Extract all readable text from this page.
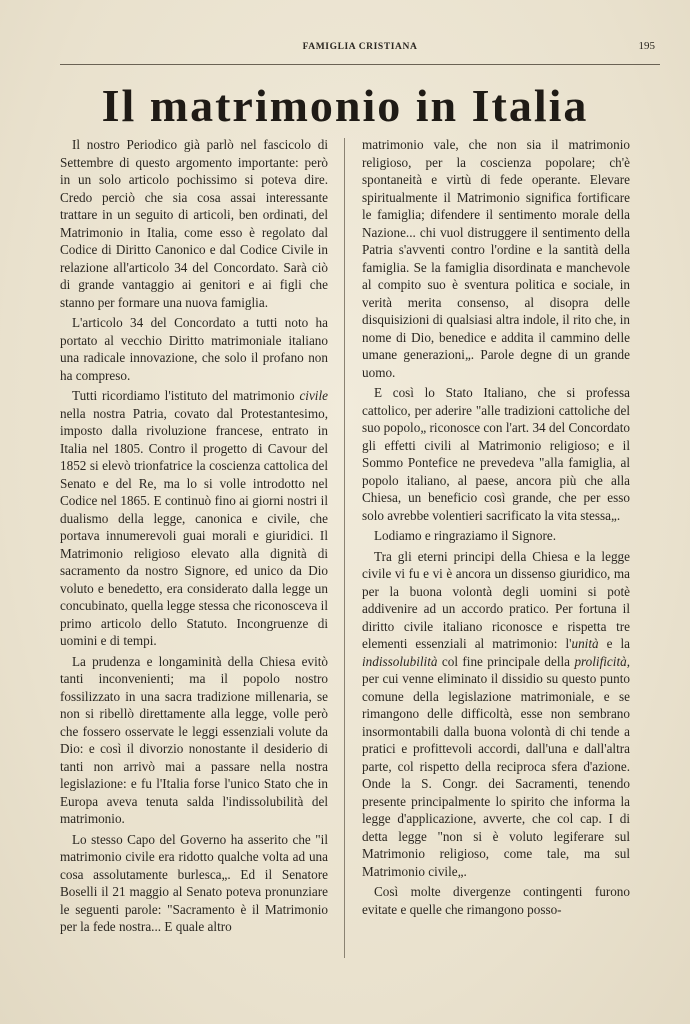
FAMIGLIA CRISTIANA	195
Il matrimonio in Italia

Il nostro Periodico già parlò nel fascicolo di Settembre di questo argomento importante: però in un solo articolo pochissimo si poteva dire. Credo perciò che sia cosa assai interessante trattare in un seguito di articoli, ben ordinati, del Matrimonio in Italia, come esso è regolato dal Codice di Diritto Canonico e dal Codice Civile in relazione all'articolo 34 del Concordato. Sarà ciò di grande vantaggio ai genitori e ai figli che stanno per formare una nuova famiglia.

L'articolo 34 del Concordato a tutti noto ha portato al vecchio Diritto matrimoniale italiano una radicale innovazione, che solo il profano non ha compreso.

Tutti ricordiamo l'istituto del matrimonio civile nella nostra Patria, covato dal Protestantesimo, imposto dalla rivoluzione francese, entrato in Italia nel 1805. Contro il progetto di Cavour del 1852 si elevò trionfatrice la coscienza cattolica del Senato e del Re, ma lo si volle introdotto nel Codice nel 1865. E continuò fino ai giorni nostri il dualismo della legge, canonica e civile, che portava innumerevoli guai morali e giuridici. Il Matrimonio religioso elevato alla dignità di sacramento da nostro Signore, ed unico da Dio voluto e benedetto, era considerato dalla legge un concubinato, quella legge stessa che riconosceva il primo articolo dello Statuto. Incongruenze di uomini e di tempi.

La prudenza e longaminità della Chiesa evitò tanti inconvenienti; ma il popolo nostro fossilizzato in una sacra tradizione millenaria, se non si ribellò direttamente alla legge, volle però che fossero osservate le leggi essenziali volute da Dio: e così il divorzio nonostante il desiderio di tanti non arrivò mai a passare nella nostra legislazione: e fu l'Italia forse l'unico Stato che in Europa aveva tenuta salda l'indissolubilità del matrimonio.

Lo stesso Capo del Governo ha asserito che "il matrimonio civile era ridotto qualche volta ad una cosa assolutamente burlesca„. Ed il Senatore Boselli il 21 maggio al Senato poteva pronunziare le seguenti parole: "Sacramento è il Matrimonio per la fede nostra... E quale altro

matrimonio vale, che non sia il matrimonio religioso, per la coscienza popolare; ch'è spontaneità e virtù di fede operante. Elevare spiritualmente il Matrimonio significa fortificare le famiglia; difendere il sentimento morale della Nazione... chi vuol distruggere il sentimento della Patria s'avventi contro l'ordine e la santità della famiglia. Se la famiglia disordinata e manchevole al compito suo è sventura politica e sociale, in verità merita consenso, al disopra delle disquisizioni di qualsiasi altra indole, il rito che, in nome di Dio, benedice e addita il cammino delle umane generazioni„. Parole degne di un grande uomo.

E così lo Stato Italiano, che si professa cattolico, per aderire "alle tradizioni cattoliche del suo popolo„ riconosce con l'art. 34 del Concordato gli effetti civili al Matrimonio religioso; e il Sommo Pontefice ne prevedeva "alla famiglia, al popolo italiano, al paese, ancora più che alla Chiesa, un beneficio così grande, che per esso solo avrebbe volentieri sacrificato la vita stessa„.

Lodiamo e ringraziamo il Signore.

Tra gli eterni principi della Chiesa e la legge civile vi fu e vi è ancora un dissenso giuridico, ma per la buona volontà degli uomini si potè addivenire ad un accordo pratico. Per fortuna il diritto civile italiano riconosce e rispetta tre elementi essenziali al matrimonio: l'unità e la indissolubilità col fine principale della prolificità, per cui venne eliminato il dissidio su questo punto comune della legislazione matrimoniale, e se rimangono delle difficoltà, esse non sembrano insormontabili dalla buona volontà di chi tende a pratici e profittevoli accordi, dall'una e dall'altra parte, col rispetto della reciproca sfera d'azione. Onde la S. Congr. dei Sacramenti, tenendo presente principalmente lo spirito che informa la legge d'applicazione, avverte, che col cap. I di detta legge "non si è voluto legiferare sul Matrimonio religioso, come tale, ma sul Matrimonio civile„.

Così molte divergenze contingenti furono evitate e quelle che rimangono posso-
